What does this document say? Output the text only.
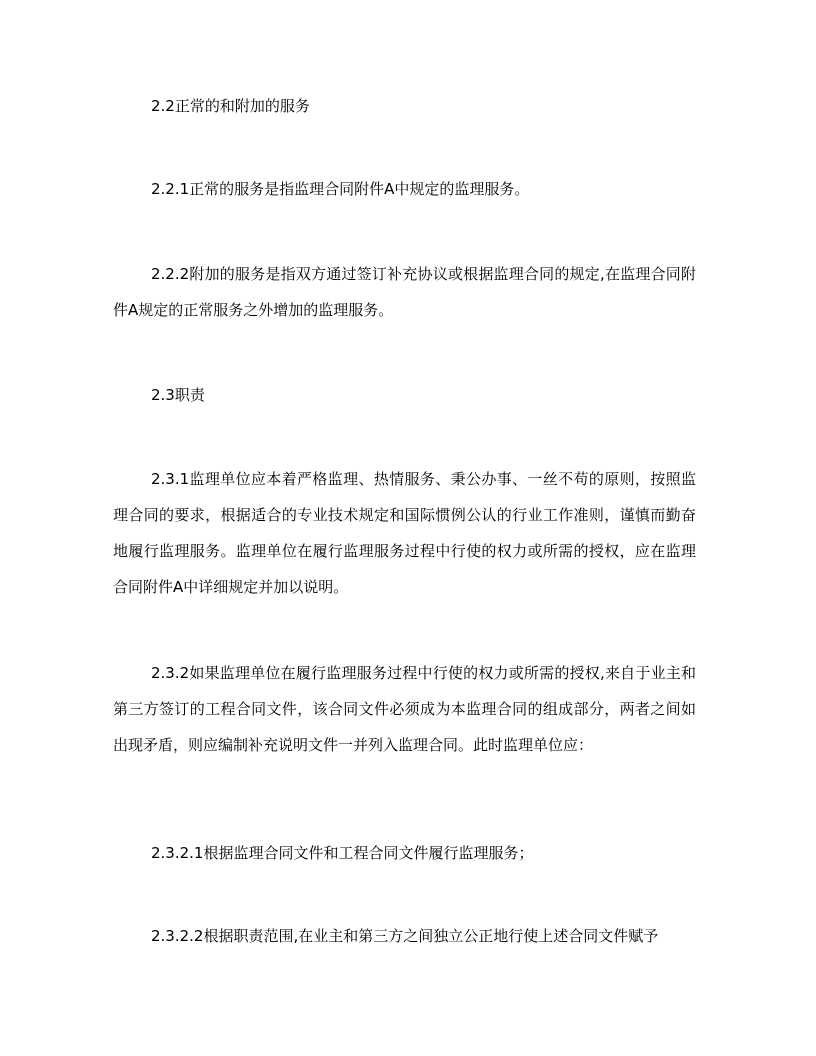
2.2正常的和附加的服务

2.2.1正常的服务是指监理合同附件A中规定的监理服务。

2.2.2附加的服务是指双方通过签订补充协议或根据监理合同的规定,在监理合同附件A规定的正常服务之外增加的监理服务。

2.3职责

2.3.1监理单位应本着严格监理、热情服务、秉公办事、一丝不苟的原则，按照监理合同的要求，根据适合的专业技术规定和国际惯例公认的行业工作准则，谨慎而勤奋地履行监理服务。监理单位在履行监理服务过程中行使的权力或所需的授权，应在监理合同附件A中详细规定并加以说明。

2.3.2如果监理单位在履行监理服务过程中行使的权力或所需的授权,来自于业主和第三方签订的工程合同文件，该合同文件必须成为本监理合同的组成部分，两者之间如出现矛盾，则应编制补充说明文件一并列入监理合同。此时监理单位应：

2.3.2.1根据监理合同文件和工程合同文件履行监理服务；

2.3.2.2根据职责范围,在业主和第三方之间独立公正地行使上述合同文件赋予
